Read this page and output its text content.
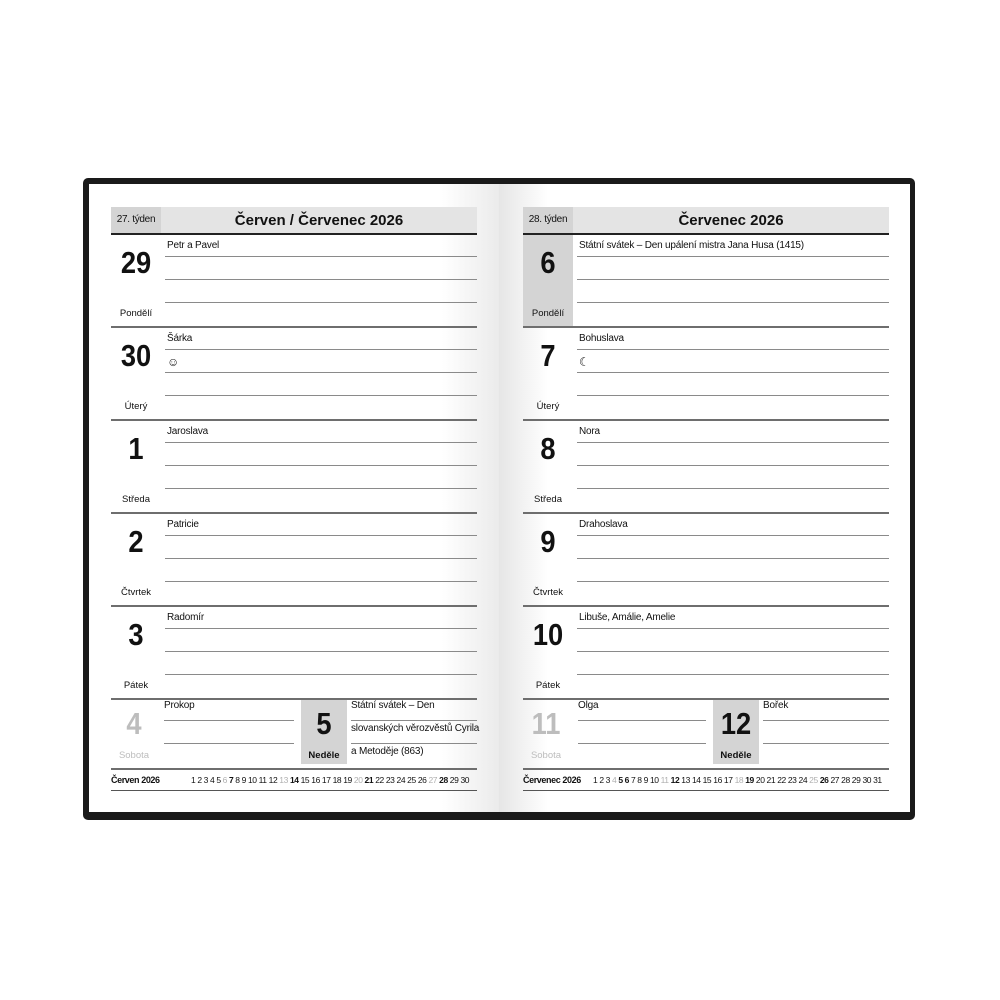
27. týden	Červen / Červenec 2026
29
Pondělí
Petr a Pavel
30
Úterý
Šárka
☺
1
Středa
Jaroslava
2
Čtvrtek
Patricie
3
Pátek
Radomír
4
Sobota
Prokop
5
Neděle
Státní svátek – Den
slovanských věrozvěstů Cyrila
a Metoděje (863)
Červen 2026	1 2 3 4 5 6 7 8 9 10 11 12 13 14 15 16 17 18 19 20 21 22 23 24 25 26 27 28 29 30
28. týden	Červenec 2026
6
Pondělí
Státní svátek – Den upálení mistra Jana Husa (1415)
7
Úterý
Bohuslava
☾
8
Středa
Nora
9
Čtvrtek
Drahoslava
10
Pátek
Libuše, Amálie, Amelie
11
Sobota
Olga
12
Neděle
Bořek
Červenec 2026 1 2 3 4 5 6 7 8 9 10 11 12 13 14 15 16 17 18 19 20 21 22 23 24 25 26 27 28 29 30 31
